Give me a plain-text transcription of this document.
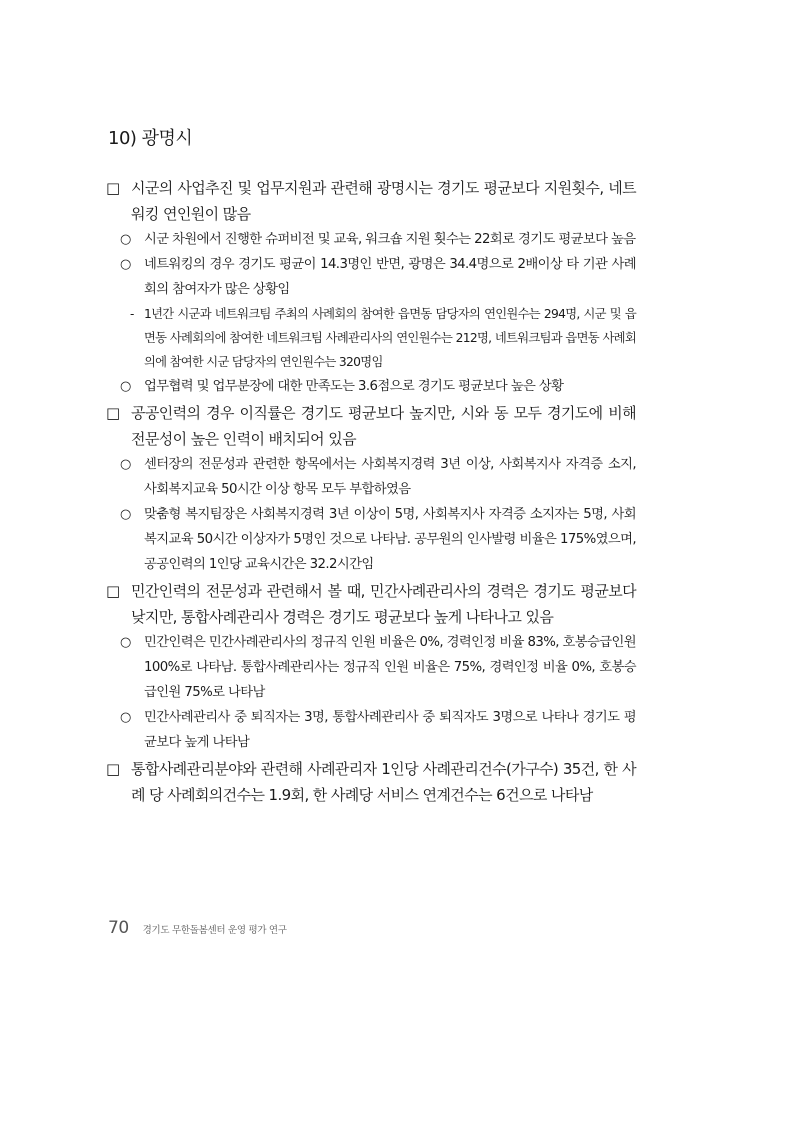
10) 광명시
□ 시군의 사업추진 및 업무지원과 관련해 광명시는 경기도 평균보다 지원횟수, 네트워킹 연인원이 많음
○ 시군 차원에서 진행한 슈퍼비전 및 교육, 워크숍 지원 횟수는 22회로 경기도 평균보다 높음
○ 네트워킹의 경우 경기도 평균이 14.3명인 반면, 광명은 34.4명으로 2배이상 타 기관 사례회의 참여자가 많은 상황임
- 1년간 시군과 네트워크팀 주최의 사례회의 참여한 읍면동 담당자의 연인원수는 294명, 시군 및 읍면동 사례회의에 참여한 네트워크팀 사례관리사의 연인원수는 212명, 네트워크팀과 읍면동 사례회의에 참여한 시군 담당자의 연인원수는 320명임
○ 업무협력 및 업무분장에 대한 만족도는 3.6점으로 경기도 평균보다 높은 상황
□ 공공인력의 경우 이직률은 경기도 평균보다 높지만, 시와 동 모두 경기도에 비해 전문성이 높은 인력이 배치되어 있음
○ 센터장의 전문성과 관련한 항목에서는 사회복지경력 3년 이상, 사회복지사 자격증 소지, 사회복지교육 50시간 이상 항목 모두 부합하였음
○ 맞춤형 복지팀장은 사회복지경력 3년 이상이 5명, 사회복지사 자격증 소지자는 5명, 사회복지교육 50시간 이상자가 5명인 것으로 나타남. 공무원의 인사발령 비율은 175%였으며, 공공인력의 1인당 교육시간은 32.2시간임
□ 민간인력의 전문성과 관련해서 볼 때, 민간사례관리사의 경력은 경기도 평균보다 낮지만, 통합사례관리사 경력은 경기도 평균보다 높게 나타나고 있음
○ 민간인력은 민간사례관리사의 정규직 인원 비율은 0%, 경력인정 비율 83%, 호봉승급인원 100%로 나타남. 통합사례관리사는 정규직 인원 비율은 75%, 경력인정 비율 0%, 호봉승급인원 75%로 나타남
○ 민간사례관리사 중 퇴직자는 3명, 통합사례관리사 중 퇴직자도 3명으로 나타나 경기도 평균보다 높게 나타남
□ 통합사례관리분야와 관련해 사례관리자 1인당 사례관리건수(가구수) 35건, 한 사례 당 사례회의건수는 1.9회, 한 사례당 서비스 연계건수는 6건으로 나타남
70 경기도 무한돌봄센터 운영 평가 연구
